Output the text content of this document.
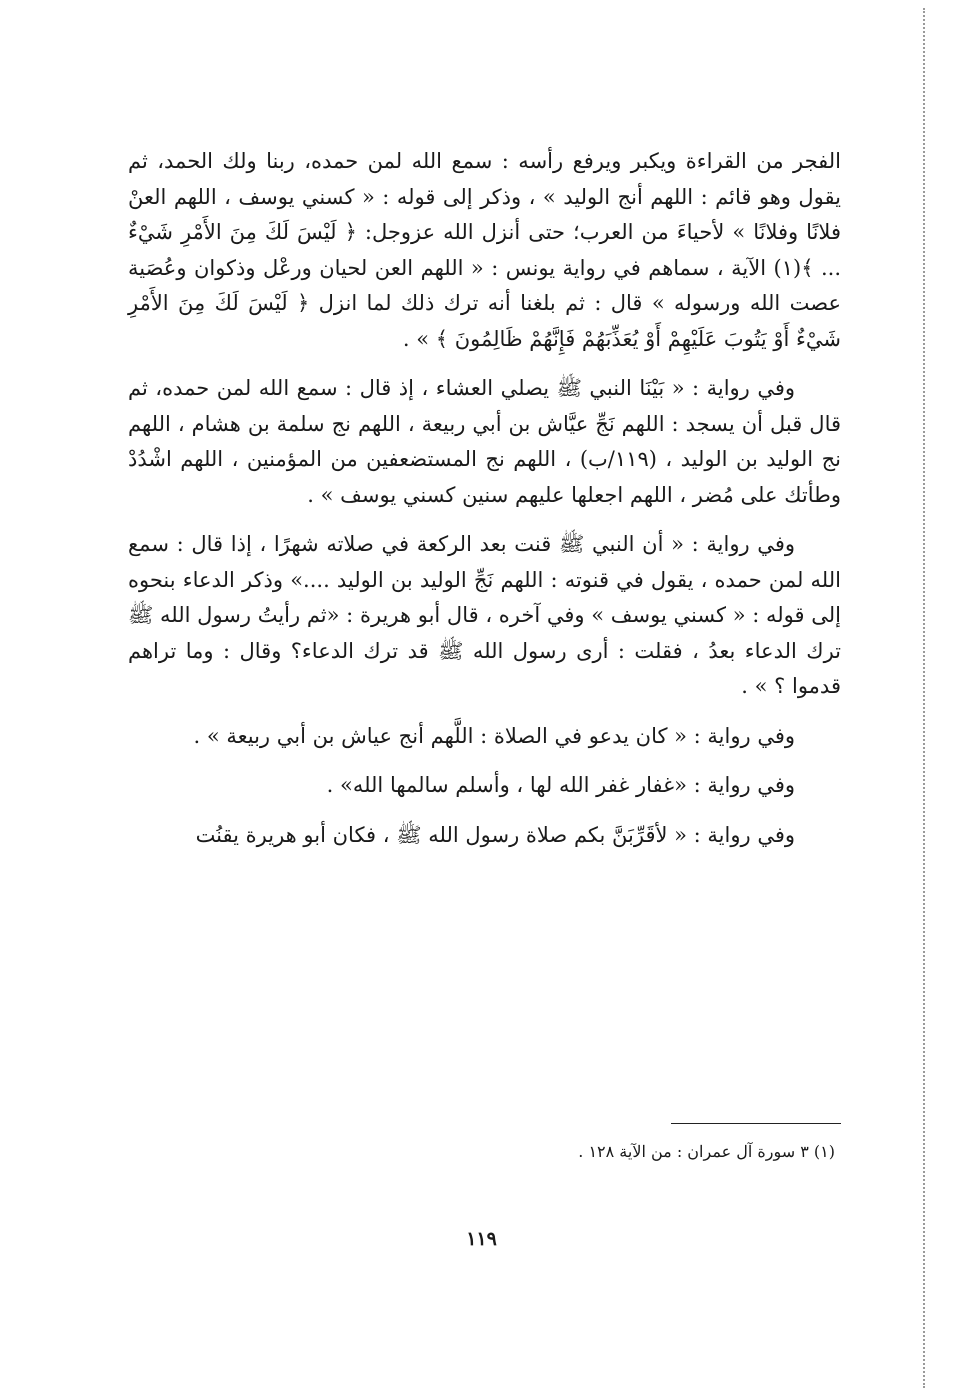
الفجر من القراءة ويكبر ويرفع رأسه : سمع الله لمن حمده، ربنا ولك الحمد، ثم يقول وهو قائم : اللهم أنج الوليد » ، وذكر إلى قوله : « كسني يوسف ، اللهم العنْ فلانًا وفلانًا » لأحياءَ من العرب؛ حتى أنزل الله عزوجل: ﴿ لَيْسَ لَكَ مِنَ الأَمْرِ شَيْءٌ ... ﴾(١) الآية ، سماهم في رواية يونس : « اللهم العن لحيان ورعْل وذكوان وعُصَية عصت الله ورسوله » قال : ثم بلغنا أنه ترك ذلك لما انزل ﴿ لَيْسَ لَكَ مِنَ الأَمْرِ شَيْءٌ أَوْ يَتُوبَ عَلَيْهِمْ أَوْ يُعَذِّبَهُمْ فَإِنَّهُمْ ظَالِمُونَ ﴾ » .

وفي رواية : « بَيْنَا النبي ﷺ يصلي العشاء ، إذ قال : سمع الله لمن حمده، ثم قال قبل أن يسجد : اللهم نَجِّ عيَّاش بن أبي ربيعة ، اللهم نج سلمة بن هشام ، اللهم نج الوليد بن الوليد ، (١١٩/ب) ، اللهم نج المستضعفين من المؤمنين ، اللهم اشْدُدْ وطأتك على مُضر ، اللهم اجعلها عليهم سنين كسني يوسف » .

وفي رواية : « أن النبي ﷺ قنت بعد الركعة في صلاته شهرًا ، إذا قال : سمع الله لمن حمده ، يقول في قنوته : اللهم نَجِّ الوليد بن الوليد ....» وذكر الدعاء بنحوه إلى قوله : « كسني يوسف » وفي آخره ، قال أبو هريرة : «ثم رأيتُ رسول الله ﷺ ترك الدعاء بعدُ ، فقلت : أرى رسول الله ﷺ قد ترك الدعاء؟ وقال : وما تراهم قدموا ؟ » .

وفي رواية : « كان يدعو في الصلاة : اللَّهم أنج عياش بن أبي ربيعة » .

وفي رواية : «غفار غفر الله لها ، وأسلم سالمها الله» .

وفي رواية : « لأقَرِّبَنَّ بكم صلاة رسول الله ﷺ ، فكان أبو هريرة يقنُت

(١) ٣ سورة آل عمران : من الآية ١٢٨ .
١١٩
